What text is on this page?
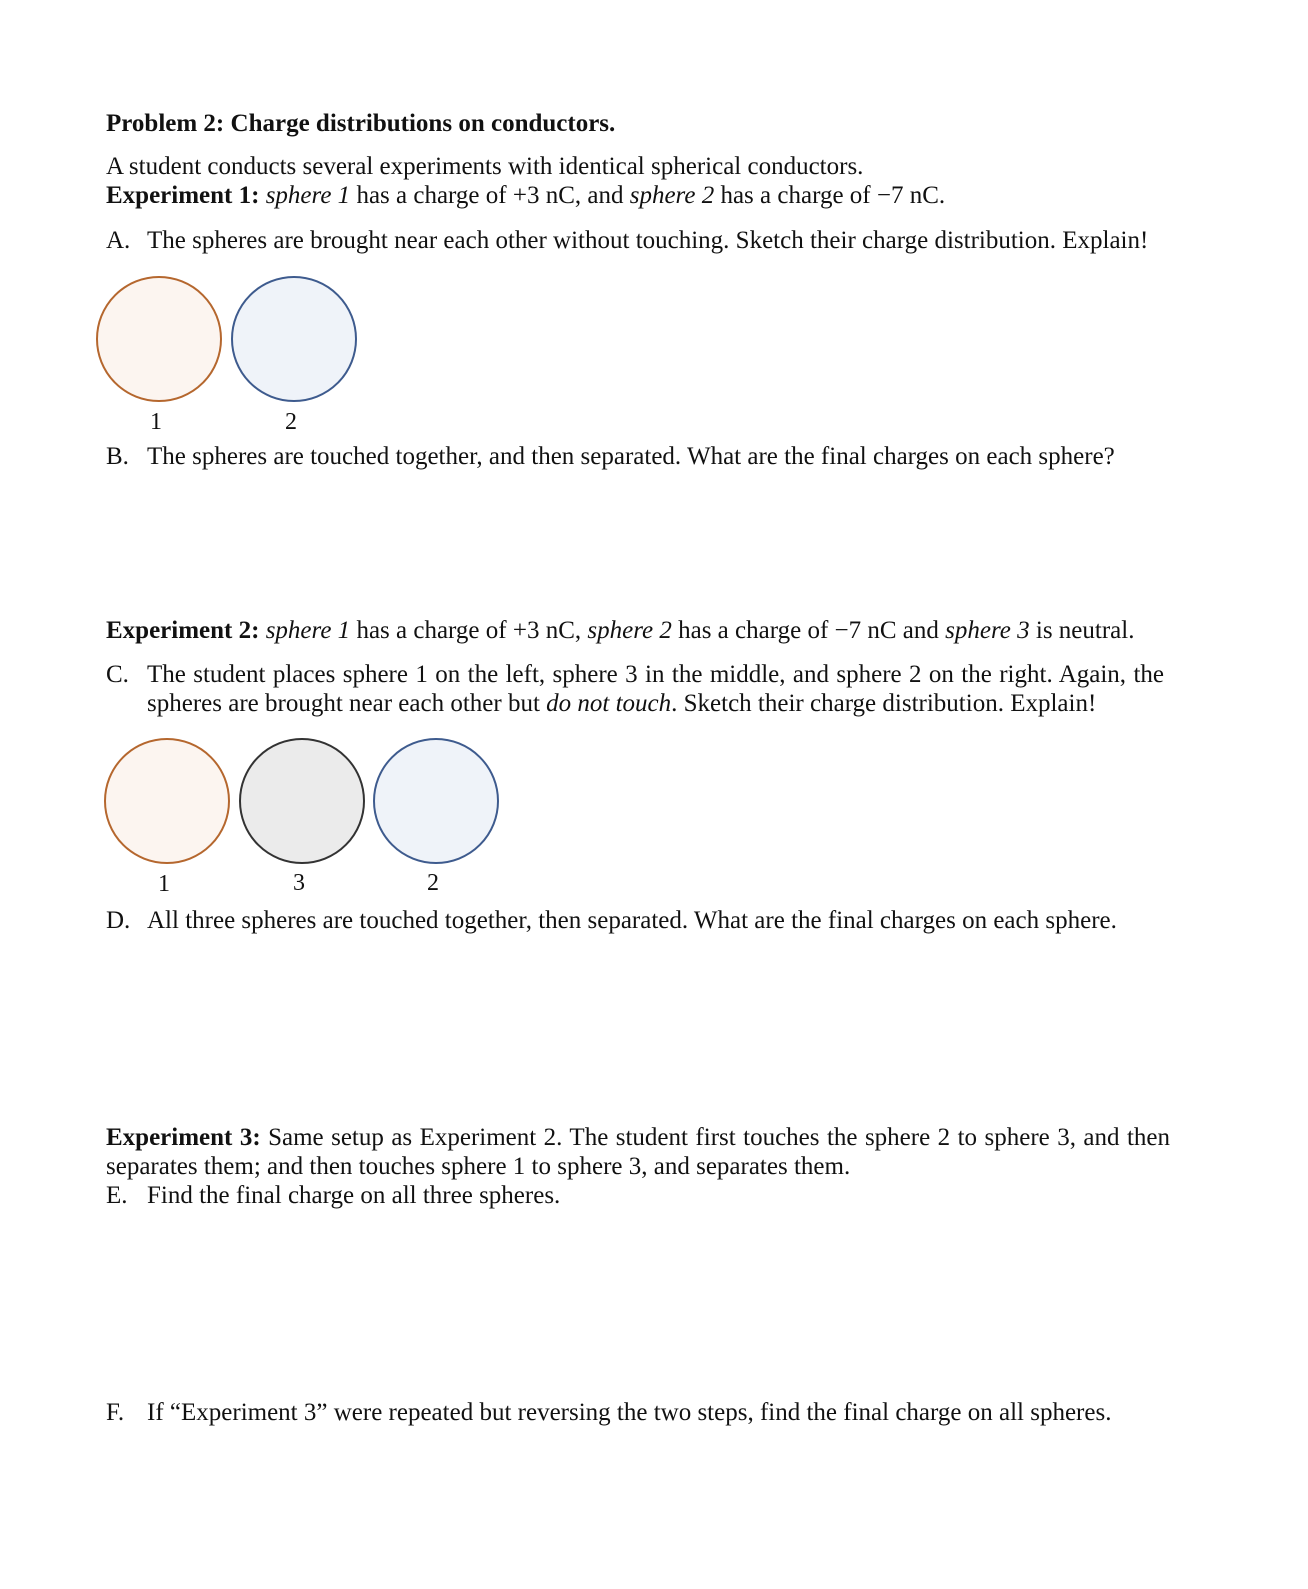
Problem 2: Charge distributions on conductors.
A student conducts several experiments with identical spherical conductors.
Experiment 1: sphere 1 has a charge of +3 nC, and sphere 2 has a charge of −7 nC.
A. The spheres are brought near each other without touching. Sketch their charge distribution. Explain!
1	2
B. The spheres are touched together, and then separated. What are the final charges on each sphere?
Experiment 2: sphere 1 has a charge of +3 nC, sphere 2 has a charge of −7 nC and sphere 3 is neutral.
C. The student places sphere 1 on the left, sphere 3 in the middle, and sphere 2 on the right. Again, the
spheres are brought near each other but do not touch. Sketch their charge distribution. Explain!
1	3	2
D. All three spheres are touched together, then separated. What are the final charges on each sphere.
Experiment 3: Same setup as Experiment 2. The student first touches the sphere 2 to sphere 3, and then
separates them; and then touches sphere 1 to sphere 3, and separates them.
E. Find the final charge on all three spheres.
F. If “Experiment 3” were repeated but reversing the two steps, find the final charge on all spheres.
